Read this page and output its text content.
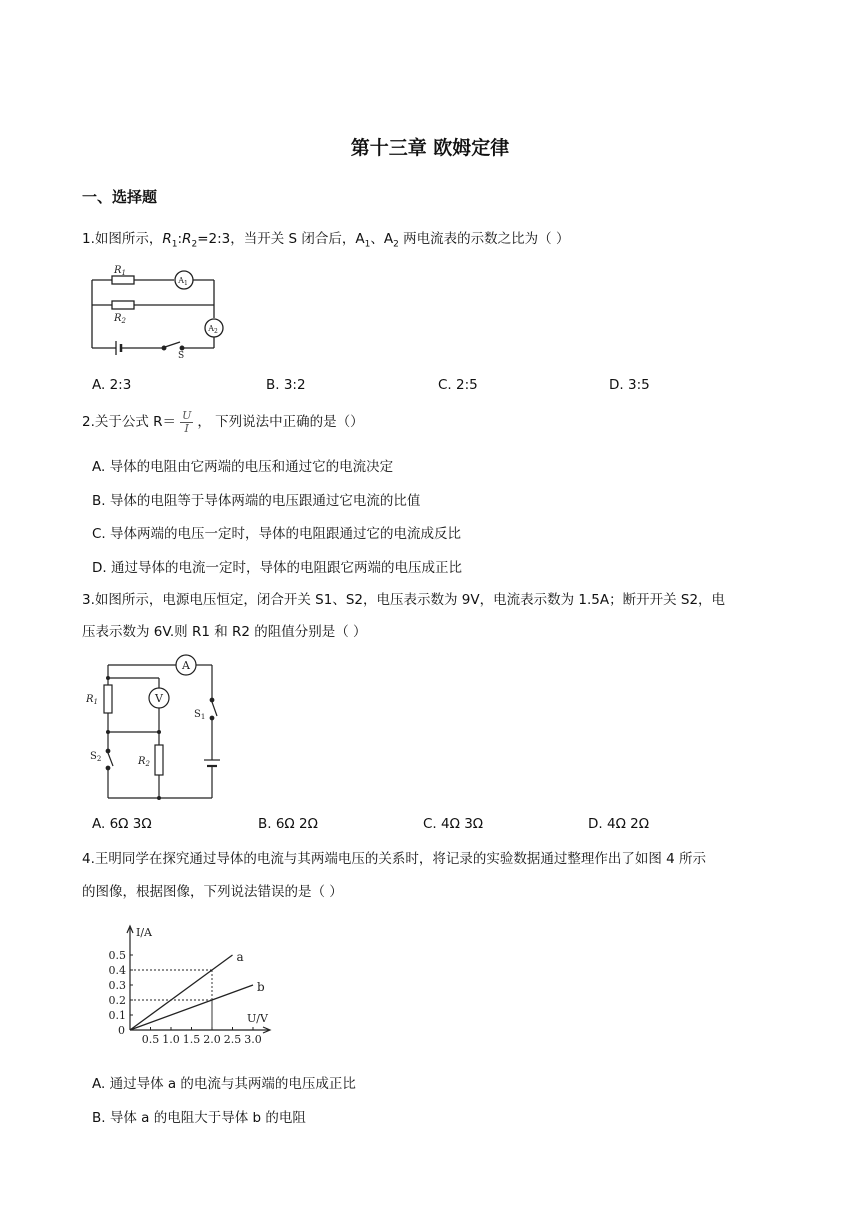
第十三章 欧姆定律
一、选择题
1.如图所示，$R_1:R_2=2:3$，当开关 S 闭合后，$A_1$、$A_2$ 两电流表的示数之比为（ ）
$R_1$
$R_2$
S
$A_1$
$A_2$
A. 2:3	B. 3:2	C. 2:5	D. 3:5
2.关于公式 $R= \frac{U}{I}$ ， 下列说法中正确的是（）
A. 导体的电阻由它两端的电压和通过它的电流决定
B. 导体的电阻等于导体两端的电压跟通过它电流的比值
C. 导体两端的电压一定时，导体的电阻跟通过它的电流成反比
D. 通过导体的电流一定时，导体的电阻跟它两端的电压成正比
3.如图所示，电源电压恒定，闭合开关 S1、S2，电压表示数为 9V，电流表示数为 1.5A；断开开关 S2，电
压表示数为 6V.则 R1 和 R2 的阻值分别是（ ）
A
V
$R_1$
$R_2$
$S_1$
$S_2$
A. 6Ω 3Ω	B. 6Ω 2Ω	C. 4Ω 3Ω	D. 4Ω 2Ω
4.王明同学在探究通过导体的电流与其两端电压的关系时，将记录的实验数据通过整理作出了如图 4 所示
的图像，根据图像，下列说法错误的是（ ）
I/A
U/V
0
0.1
0.2
0.3
0.4
0.5
0.5 1.0 1.5 2.0 2.5 3.0
a
b
A. 通过导体 a 的电流与其两端的电压成正比
B. 导体 a 的电阻大于导体 b 的电阻
